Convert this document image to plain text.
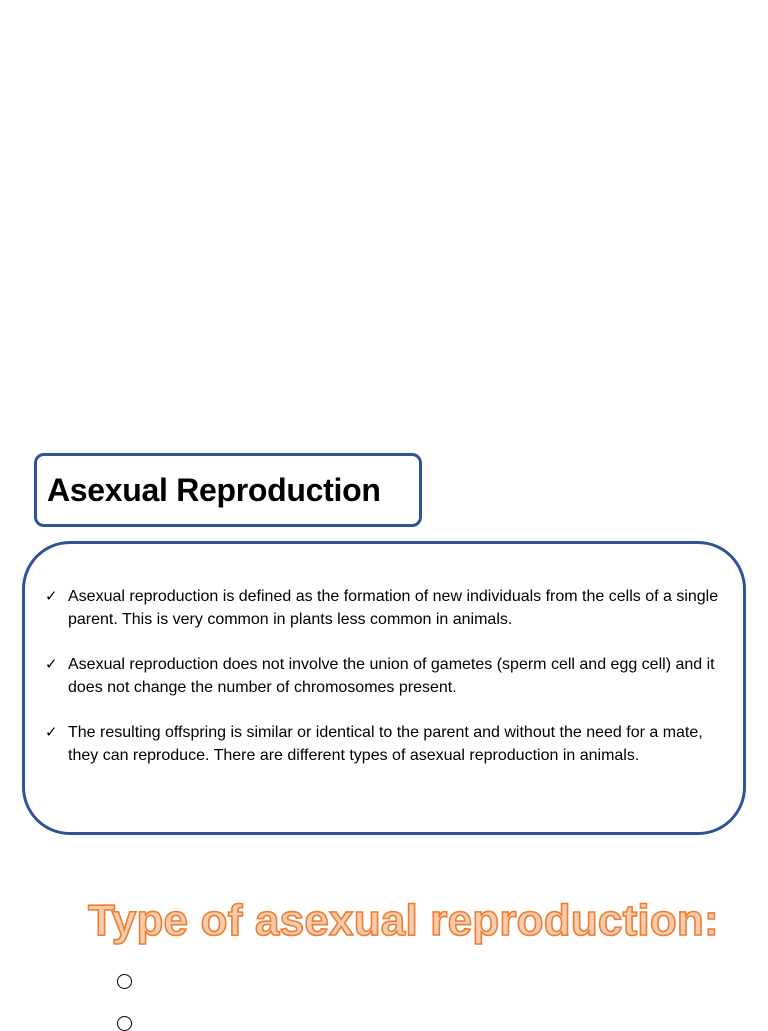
Asexual Reproduction
✓ Asexual reproduction is defined as the formation of new individuals from the cells of a single parent. This is very common in plants less common in animals.
✓ Asexual reproduction does not involve the union of gametes (sperm cell and egg cell) and it does not change the number of chromosomes present.
✓ The resulting offspring is similar or identical to the parent and without the need for a mate, they can reproduce. There are different types of asexual reproduction in animals.
Type of asexual reproduction:
